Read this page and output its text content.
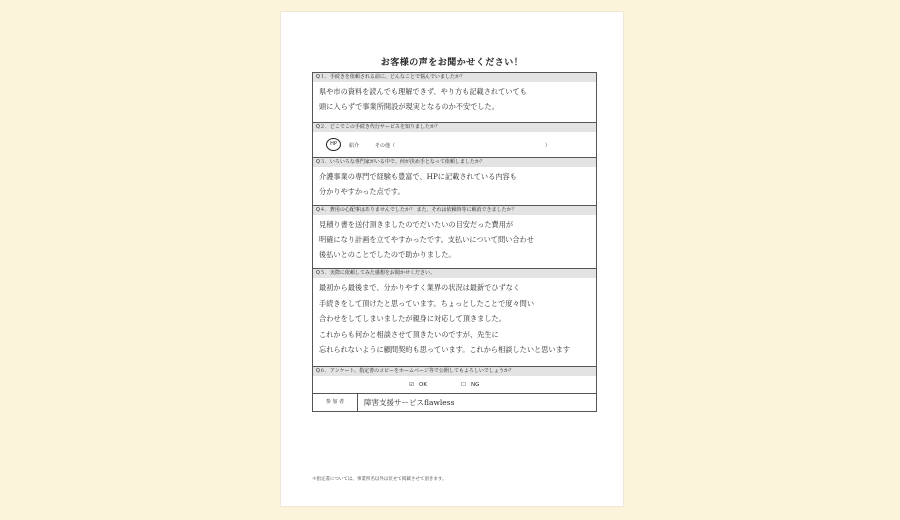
お客様の声をお聞かせください！
Q１．手続きを依頼される前に、どんなことで悩んでいましたか？
県や市の資料を読んでも理解できず、やり方も記載されていても
頭に入らずで事業所開設が現実となるのか不安でした。
Q２．どこでこの手続き代行サービスを知りましたか？
HP	紹介	その他（	）
Q３．いろいろな専門家がいる中で、何が決め手となって依頼しましたか？
介護事業の専門で経験も豊富で、HPに記載されている内容も
分かりやすかった点です。
Q４．費用の心配事はありませんでしたか？ また、それは依頼時等に解消できましたか？
見積り書を送付頂きましたのでだいたいの目安だった費用が
明確になり計画を立てやすかったです。支払いについて問い合わせ
後払いとのことでしたので助かりました。
Q５．実際に依頼してみた感想をお聞かせください。
最初から最後まで、分かりやすく業界の状況は最新でひずなく
手続きをして頂けたと思っています。ちょっとしたことで度々問い
合わせをしてしまいましたが親身に対応して頂きました。
これからも何かと相談させて頂きたいのですが、先生に
忘れられないように顧問契約も思っています。これから相談したいと思います
Q６．アンケート、指定書のコピーをホームページ等で公開してもよろしいでしょうか？
☑ OK	☐ NG
参 加 者	障害支援サービスflawless
＊指定書については、事業所名以外は伏せて掲載させて頂きます。
